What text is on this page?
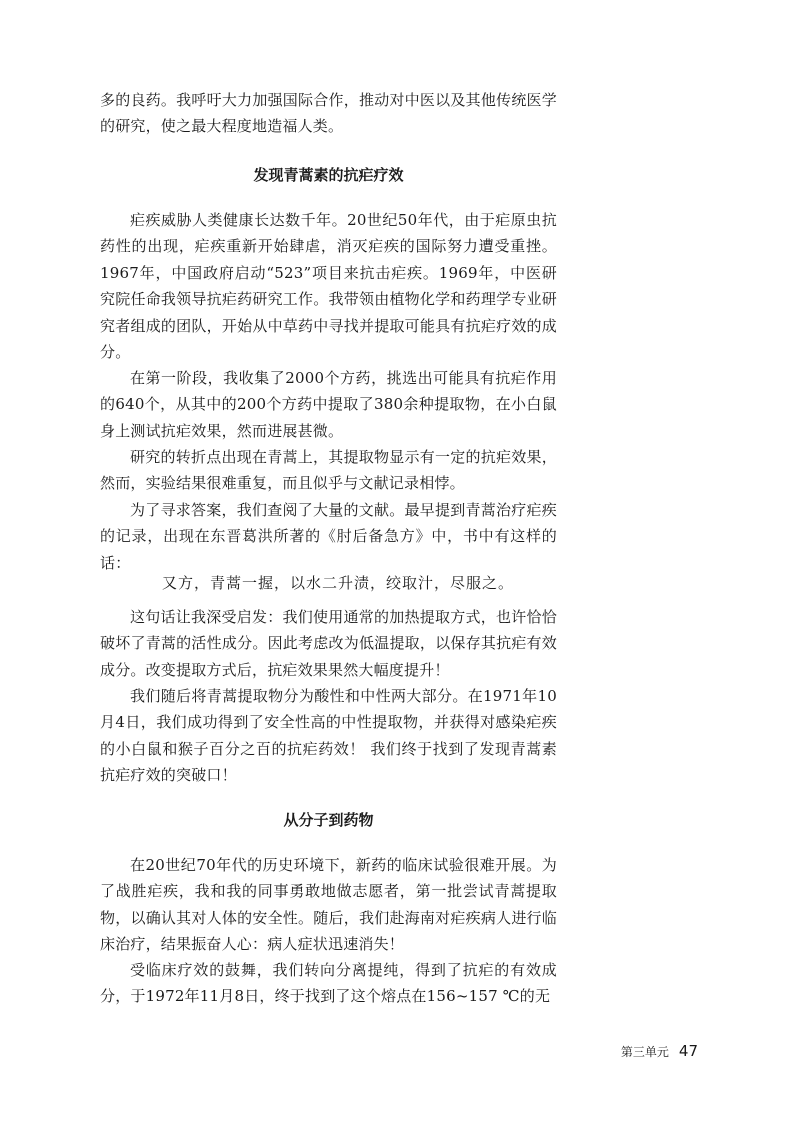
多的良药。我呼吁大力加强国际合作，推动对中医以及其他传统医学的研究，使之最大程度地造福人类。

发现青蒿素的抗疟疗效

疟疾威胁人类健康长达数千年。20世纪50年代，由于疟原虫抗药性的出现，疟疾重新开始肆虐，消灭疟疾的国际努力遭受重挫。1967年，中国政府启动“523”项目来抗击疟疾。1969年，中医研究院任命我领导抗疟药研究工作。我带领由植物化学和药理学专业研究者组成的团队，开始从中草药中寻找并提取可能具有抗疟疗效的成分。

在第一阶段，我收集了2000个方药，挑选出可能具有抗疟作用的640个，从其中的200个方药中提取了380余种提取物，在小白鼠身上测试抗疟效果，然而进展甚微。

研究的转折点出现在青蒿上，其提取物显示有一定的抗疟效果，然而，实验结果很难重复，而且似乎与文献记录相悖。

为了寻求答案，我们查阅了大量的文献。最早提到青蒿治疗疟疾的记录，出现在东晋葛洪所著的《肘后备急方》中，书中有这样的话：

又方，青蒿一握，以水二升渍，绞取汁，尽服之。

这句话让我深受启发：我们使用通常的加热提取方式，也许恰恰破坏了青蒿的活性成分。因此考虑改为低温提取，以保存其抗疟有效成分。改变提取方式后，抗疟效果果然大幅度提升！

我们随后将青蒿提取物分为酸性和中性两大部分。在1971年10月4日，我们成功得到了安全性高的中性提取物，并获得对感染疟疾的小白鼠和猴子百分之百的抗疟药效！ 我们终于找到了发现青蒿素抗疟疗效的突破口！

从分子到药物

在20世纪70年代的历史环境下，新药的临床试验很难开展。为了战胜疟疾，我和我的同事勇敢地做志愿者，第一批尝试青蒿提取物，以确认其对人体的安全性。随后，我们赴海南对疟疾病人进行临床治疗，结果振奋人心：病人症状迅速消失！

受临床疗效的鼓舞，我们转向分离提纯，得到了抗疟的有效成分，于1972年11月8日，终于找到了这个熔点在156~157 ℃的无

第三单元 47
